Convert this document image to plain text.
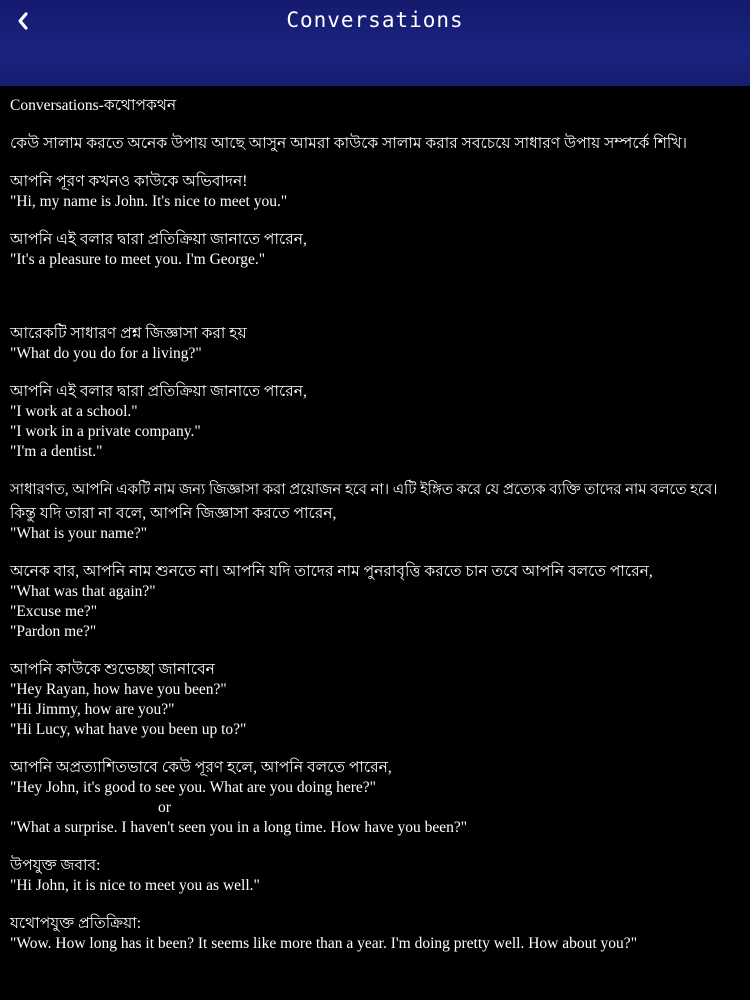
Conversations
Conversations-কথোপকথন
কেউ সালাম করতে অনেক উপায় আছে আসুন আমরা কাউকে সালাম করার সবচেয়ে সাধারণ উপায় সম্পর্কে শিখি।
আপনি পূরণ কখনও কাউকে অভিবাদন!
"Hi, my name is John. It's nice to meet you."
আপনি এই বলার দ্বারা প্রতিক্রিয়া জানাতে পারেন,
"It's a pleasure to meet you. I'm George."
আরেকটি সাধারণ প্রশ্ন জিজ্ঞাসা করা হয়
"What do you do for a living?"
আপনি এই বলার দ্বারা প্রতিক্রিয়া জানাতে পারেন,
"I work at a school."
"I work in a private company."
"I'm a dentist."
সাধারণত, আপনি একটি নাম জন্য জিজ্ঞাসা করা প্রয়োজন হবে না। এটি ইঙ্গিত করে যে প্রত্যেক ব্যক্তি তাদের নাম বলতে হবে।
কিন্তু যদি তারা না বলে, আপনি জিজ্ঞাসা করতে পারেন,
"What is your name?"
অনেক বার, আপনি নাম শুনতে না। আপনি যদি তাদের নাম পুনরাবৃত্তি করতে চান তবে আপনি বলতে পারেন,
"What was that again?"
"Excuse me?"
"Pardon me?"
আপনি কাউকে শুভেচ্ছা জানাবেন
"Hey Rayan, how have you been?"
"Hi Jimmy, how are you?"
"Hi Lucy, what have you been up to?"
আপনি অপ্রত্যাশিতভাবে কেউ পূরণ হলে, আপনি বলতে পারেন,
"Hey John, it's good to see you. What are you doing here?"
or
"What a surprise. I haven't seen you in a long time. How have you been?"
উপযুক্ত জবাব:
"Hi John, it is nice to meet you as well."
যথোপযুক্ত প্রতিক্রিয়া:
"Wow. How long has it been? It seems like more than a year. I'm doing pretty well. How about you?"
